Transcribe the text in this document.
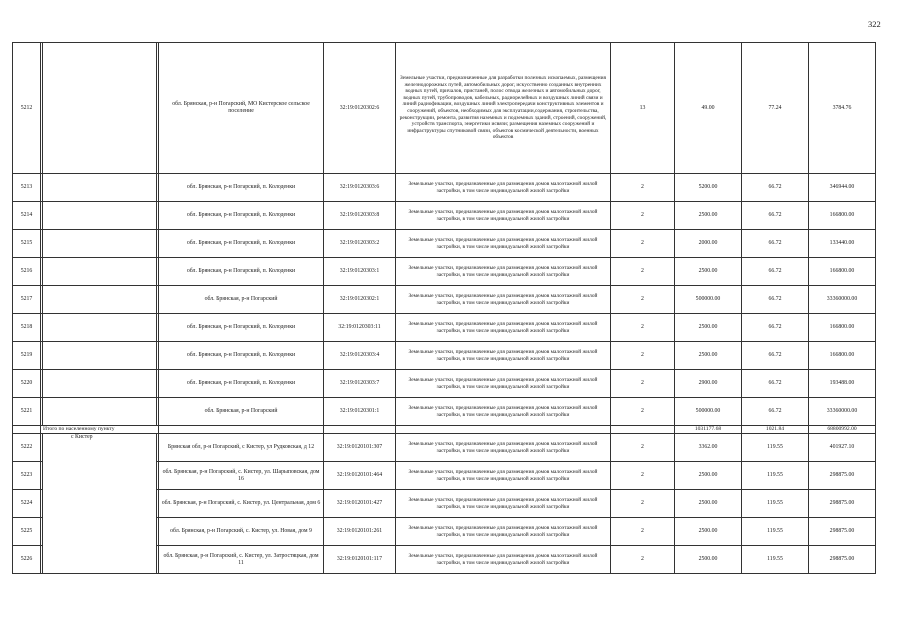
322
5212				обл. Брянская, р-н Погарский, МО Кистерское сельское поселение	32:19:0120302:6	Земельные участки, предназначенные для разработки полезных ископаемых, размещения железнодорожных путей, автомобильных дорог, искусственно созданных внутренних водных путей, причалов, пристаней, полос отвода железных и автомобильных дорог, водных путей, трубопроводов, кабельных, радиорелейных и воздушных линий связи и линий радиофикации, воздушных линий электропередачи конструктивных элементов и сооружений, объектов, необходимых для эксплуатации,содержания, строительства, реконструкции, ремонта, развития наземных и подземных зданий, строений, сооружений, устройств транспорта, энергетики исвязи; размещения наземных сооружений и инфраструктуры спутниковой связи, объектов космической деятельности, военных объектов	13	49.00	77.24	3784.76
5213				обл. Брянская, р-н Погарский, п. Колоденки	32:19:0120303:6	Земельные участки, предназначенные для размещения домов малоэтажной жилой застройки, в том числе индивидуальной жилой застройки	2	5200.00	66.72	346944.00
5214				обл. Брянская, р-н Погарский, п. Колоденки	32:19:0120303:8	Земельные участки, предназначенные для размещения домов малоэтажной жилой застройки, в том числе индивидуальной жилой застройки	2	2500.00	66.72	166800.00
5215				обл. Брянская, р-н Погарский, п. Колоденки	32:19:0120303:2	Земельные участки, предназначенные для размещения домов малоэтажной жилой застройки, в том числе индивидуальной жилой застройки	2	2000.00	66.72	133440.00
5216				обл. Брянская, р-н Погарский, п. Колоденки	32:19:0120303:1	Земельные участки, предназначенные для размещения домов малоэтажной жилой застройки, в том числе индивидуальной жилой застройки	2	2500.00	66.72	166800.00
5217				обл. Брянская, р-н Погарский	32:19:0120302:1	Земельные участки, предназначенные для размещения домов малоэтажной жилой застройки, в том числе индивидуальной жилой застройки	2	500000.00	66.72	33360000.00
5218				обл. Брянская, р-н Погарский, п. Колоденки	32:19:0120303:11	Земельные участки, предназначенные для размещения домов малоэтажной жилой застройки, в том числе индивидуальной жилой застройки	2	2500.00	66.72	166800.00
5219				обл. Брянская, р-н Погарский, п. Колоденки	32:19:0120303:4	Земельные участки, предназначенные для размещения домов малоэтажной жилой застройки, в том числе индивидуальной жилой застройки	2	2500.00	66.72	166800.00
5220				обл. Брянская, р-н Погарский, п. Колоденки	32:19:0120303:7	Земельные участки, предназначенные для размещения домов малоэтажной жилой застройки, в том числе индивидуальной жилой застройки	2	2900.00	66.72	193488.00
5221				обл. Брянская, р-н Погарский	32:19:0120301:1	Земельные участки, предназначенные для размещения домов малоэтажной жилой застройки, в том числе индивидуальной жилой застройки	2	500000.00	66.72	33360000.00
	Итого по населенному пункту							1031177.68	1021.84	68800992.00
5222		с Кистер		Брянская обл, р-н Погарский, с Кистер, ул Рудковская, д 12	32:19:0120101:307	Земельные участки, предназначенные для размещения домов малоэтажной жилой застройки, в том числе индивидуальной жилой застройки	2	3362.00	119.55	401927.10
5223				обл. Брянская, р-н Погарский, с. Кистер, ул. Шарыповская, дом 16	32:19:0120101:464	Земельные участки, предназначенные для размещения домов малоэтажной жилой застройки, в том числе индивидуальной жилой застройки	2	2500.00	119.55	298875.00
5224				обл. Брянская, р-н Погарский, с. Кистер, ул. Центральная, дом 6	32:19:0120101:427	Земельные участки, предназначенные для размещения домов малоэтажной жилой застройки, в том числе индивидуальной жилой застройки	2	2500.00	119.55	298875.00
5225				обл. Брянская, р-н Погарский, с. Кистер, ул. Новая, дом 9	32:19:0120101:261	Земельные участки, предназначенные для размещения домов малоэтажной жилой застройки, в том числе индивидуальной жилой застройки	2	2500.00	119.55	298875.00
5226				обл. Брянская, р-н Погарский, с. Кистер, ул. Затростяцкая, дом 11	32:19:0120101:117	Земельные участки, предназначенные для размещения домов малоэтажной жилой застройки, в том числе индивидуальной жилой застройки	2	2500.00	119.55	298875.00
